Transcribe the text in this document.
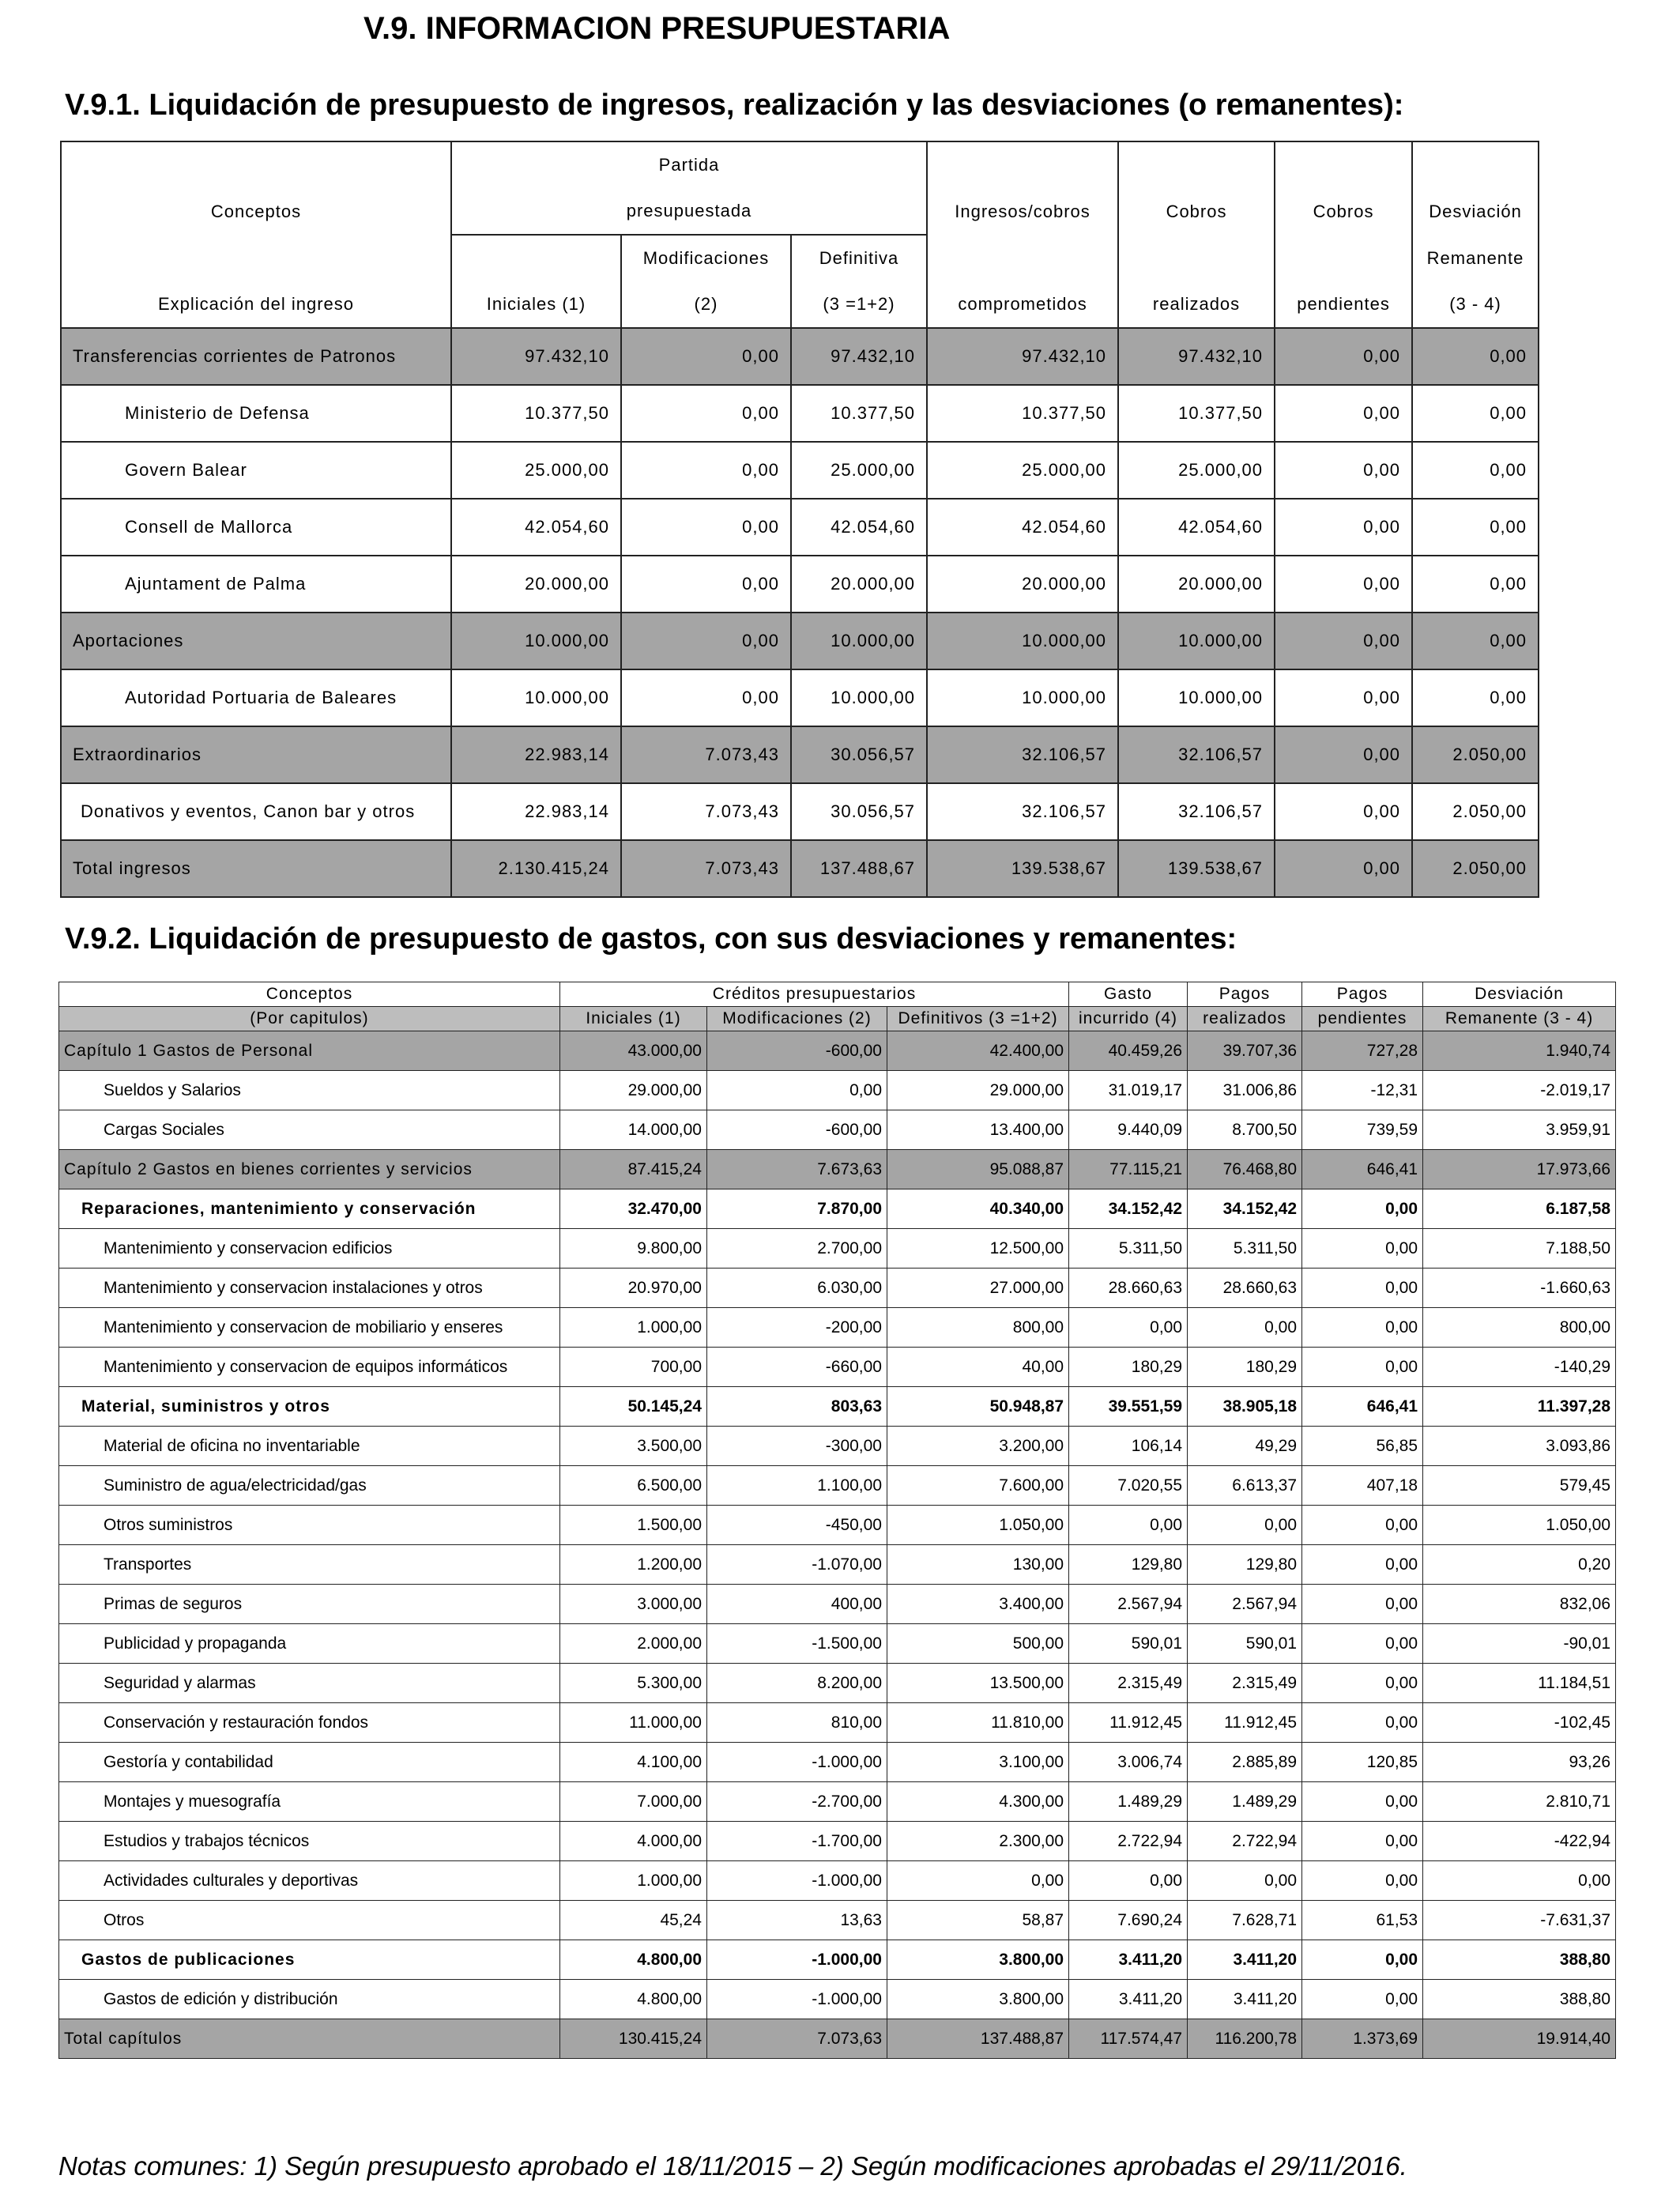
V.9. INFORMACION PRESUPUESTARIA
V.9.1. Liquidación de presupuesto de ingresos, realización y las desviaciones (o remanentes):
	Partida						
Conceptos	presupuestada			Ingresos/cobros	Cobros	Cobros	Desviación
		Modificaciones	Definitiva				Remanente
Explicación del ingreso	Iniciales (1)	(2)	(3 =1+2)	comprometidos	realizados	pendientes	(3 - 4)
Transferencias corrientes de Patronos	97.432,10	0,00	97.432,10	97.432,10	97.432,10	0,00	0,00
Ministerio de Defensa	10.377,50	0,00	10.377,50	10.377,50	10.377,50	0,00	0,00
Govern Balear	25.000,00	0,00	25.000,00	25.000,00	25.000,00	0,00	0,00
Consell de Mallorca	42.054,60	0,00	42.054,60	42.054,60	42.054,60	0,00	0,00
Ajuntament de Palma	20.000,00	0,00	20.000,00	20.000,00	20.000,00	0,00	0,00
Aportaciones	10.000,00	0,00	10.000,00	10.000,00	10.000,00	0,00	0,00
Autoridad Portuaria de Baleares	10.000,00	0,00	10.000,00	10.000,00	10.000,00	0,00	0,00
Extraordinarios	22.983,14	7.073,43	30.056,57	32.106,57	32.106,57	0,00	2.050,00
Donativos y eventos, Canon bar y otros	22.983,14	7.073,43	30.056,57	32.106,57	32.106,57	0,00	2.050,00
Total ingresos	2.130.415,24	7.073,43	137.488,67	139.538,67	139.538,67	0,00	2.050,00
V.9.2. Liquidación de presupuesto de gastos, con sus desviaciones y remanentes:
Conceptos	Créditos presupuestarios			Gasto	Pagos	Pagos	Desviación
(Por capitulos)	Iniciales (1)	Modificaciones (2)	Definitivos (3 =1+2)	incurrido (4)	realizados	pendientes	Remanente (3 - 4)
Capítulo 1 Gastos de Personal	43.000,00	-600,00	42.400,00	40.459,26	39.707,36	727,28	1.940,74
Sueldos y Salarios	29.000,00	0,00	29.000,00	31.019,17	31.006,86	-12,31	-2.019,17
Cargas Sociales	14.000,00	-600,00	13.400,00	9.440,09	8.700,50	739,59	3.959,91
Capítulo 2 Gastos en bienes corrientes y servicios	87.415,24	7.673,63	95.088,87	77.115,21	76.468,80	646,41	17.973,66
Reparaciones, mantenimiento y conservación	32.470,00	7.870,00	40.340,00	34.152,42	34.152,42	0,00	6.187,58
Mantenimiento y conservacion edificios	9.800,00	2.700,00	12.500,00	5.311,50	5.311,50	0,00	7.188,50
Mantenimiento y conservacion instalaciones y otros	20.970,00	6.030,00	27.000,00	28.660,63	28.660,63	0,00	-1.660,63
Mantenimiento y conservacion de mobiliario y enseres	1.000,00	-200,00	800,00	0,00	0,00	0,00	800,00
Mantenimiento y conservacion de equipos informáticos	700,00	-660,00	40,00	180,29	180,29	0,00	-140,29
Material, suministros y otros	50.145,24	803,63	50.948,87	39.551,59	38.905,18	646,41	11.397,28
Material de oficina no inventariable	3.500,00	-300,00	3.200,00	106,14	49,29	56,85	3.093,86
Suministro de agua/electricidad/gas	6.500,00	1.100,00	7.600,00	7.020,55	6.613,37	407,18	579,45
Otros suministros	1.500,00	-450,00	1.050,00	0,00	0,00	0,00	1.050,00
Transportes	1.200,00	-1.070,00	130,00	129,80	129,80	0,00	0,20
Primas de seguros	3.000,00	400,00	3.400,00	2.567,94	2.567,94	0,00	832,06
Publicidad y propaganda	2.000,00	-1.500,00	500,00	590,01	590,01	0,00	-90,01
Seguridad y alarmas	5.300,00	8.200,00	13.500,00	2.315,49	2.315,49	0,00	11.184,51
Conservación y restauración fondos	11.000,00	810,00	11.810,00	11.912,45	11.912,45	0,00	-102,45
Gestoría y contabilidad	4.100,00	-1.000,00	3.100,00	3.006,74	2.885,89	120,85	93,26
Montajes y muesografía	7.000,00	-2.700,00	4.300,00	1.489,29	1.489,29	0,00	2.810,71
Estudios y trabajos técnicos	4.000,00	-1.700,00	2.300,00	2.722,94	2.722,94	0,00	-422,94
Actividades culturales y deportivas	1.000,00	-1.000,00	0,00	0,00	0,00	0,00	0,00
Otros	45,24	13,63	58,87	7.690,24	7.628,71	61,53	-7.631,37
Gastos de publicaciones	4.800,00	-1.000,00	3.800,00	3.411,20	3.411,20	0,00	388,80
Gastos de edición y distribución	4.800,00	-1.000,00	3.800,00	3.411,20	3.411,20	0,00	388,80
Total capítulos	130.415,24	7.073,63	137.488,87	117.574,47	116.200,78	1.373,69	19.914,40
Notas comunes: 1) Según presupuesto aprobado el 18/11/2015 – 2) Según modificaciones aprobadas el 29/11/2016.
